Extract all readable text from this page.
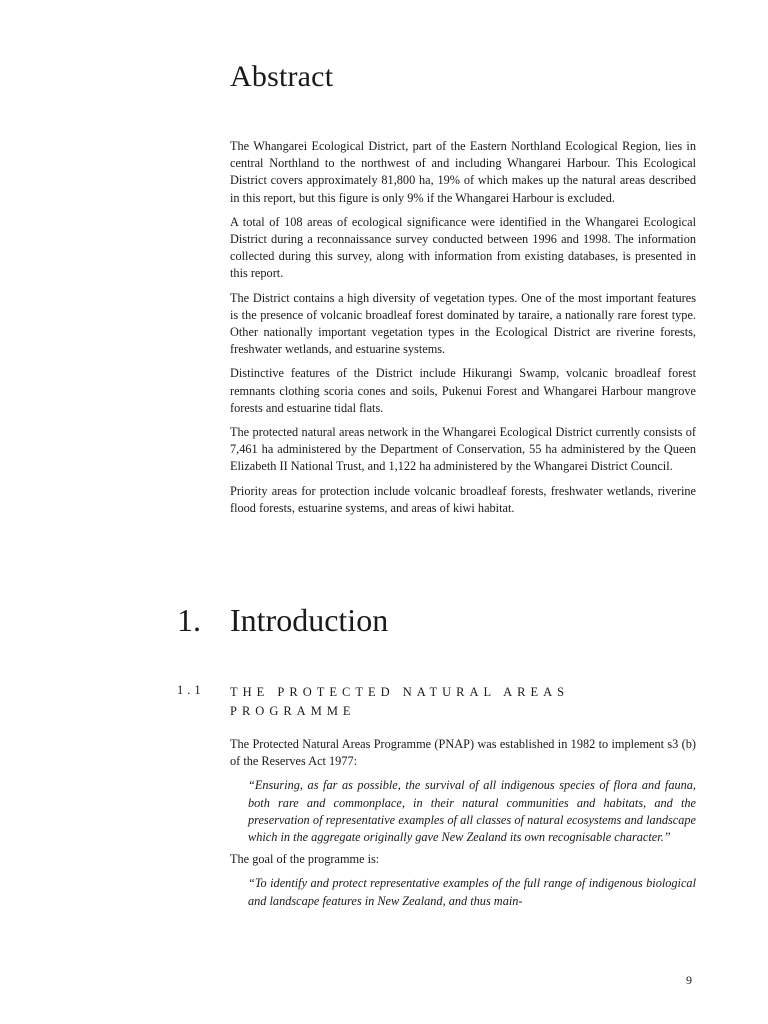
Abstract

The Whangarei Ecological District, part of the Eastern Northland Ecological Region, lies in central Northland to the northwest of and including Whangarei Harbour. This Ecological District covers approximately 81,800 ha, 19% of which makes up the natural areas described in this report, but this figure is only 9% if the Whangarei Harbour is excluded.

A total of 108 areas of ecological significance were identified in the Whangarei Ecological District during a reconnaissance survey conducted between 1996 and 1998. The information collected during this survey, along with information from existing databases, is presented in this report.

The District contains a high diversity of vegetation types. One of the most important features is the presence of volcanic broadleaf forest dominated by taraire, a nationally rare forest type. Other nationally important vegetation types in the Ecological District are riverine forests, freshwater wetlands, and estuarine systems.

Distinctive features of the District include Hikurangi Swamp, volcanic broadleaf forest remnants clothing scoria cones and soils, Pukenui Forest and Whangarei Harbour mangrove forests and estuarine tidal flats.

The protected natural areas network in the Whangarei Ecological District currently consists of 7,461 ha administered by the Department of Conservation, 55 ha administered by the Queen Elizabeth II National Trust, and 1,122 ha administered by the Whangarei District Council.

Priority areas for protection include volcanic broadleaf forests, freshwater wetlands, riverine flood forests, estuarine systems, and areas of kiwi habitat.

1. Introduction
1.1 THE PROTECTED NATURAL AREAS PROGRAMME

The Protected Natural Areas Programme (PNAP) was established in 1982 to implement s3 (b) of the Reserves Act 1977:

“Ensuring, as far as possible, the survival of all indigenous species of flora and fauna, both rare and commonplace, in their natural communities and habitats, and the preservation of representative examples of all classes of natural ecosystems and landscape which in the aggregate originally gave New Zealand its own recognisable character.”

The goal of the programme is:

“To identify and protect representative examples of the full range of indigenous biological and landscape features in New Zealand, and thus main-

9
